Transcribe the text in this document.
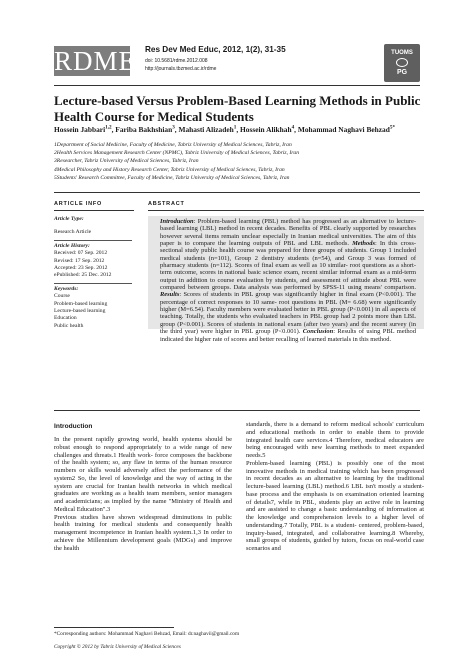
RDME Res Dev Med Educ, 2012, 1(2), 31-35
doi: 10.5681/rdme.2012.008
http://journals.tbzmed.ac.ir/rdme
TUOMS
PG
Lecture-based Versus Problem-Based Learning Methods in Public Health Course for Medical Students
Hossein Jabbari$^{1,2}$, Fariba Bakhshian$^3$, Mahasti Alizadeh$^1$, Hossein Alikhah$^4$, Mohammad Naghavi Behzad$^{5*}$
1Department of Social Medicine, Faculty of Medicine, Tabriz University of Medical Sciences, Tabriz, Iran
2Health Services Management Research Center (NPMC), Tabriz University of Medical Sciences, Tabriz, Iran
3Researcher, Tabriz University of Medical Sciences, Tabriz, Iran
4Medical Philosophy and History Research Center, Tabriz University of Medical Sciences, Tabriz, Iran
5Students' Research Committee, Faculty of Medicine, Tabriz University of Medical Sciences, Tabriz, Iran
ARTICLE INFO	ABSTRACT
Article Type:
Research Article
Article History:
Received: 07 Sep. 2012
Revised: 17 Sep. 2012
Accepted: 23 Sep. 2012
ePublished: 25 Dec. 2012
Keywords:
Course
Problem-based learning
Lecture-based learning
Education
Public health
Introduction: Problem-based learning (PBL) method has progressed as an alternative to lecture-based learning (LBL) method in recent decades. Benefits of PBL clearly supported by researches however several items remain unclear especially in Iranian medical universities. The aim of this paper is to compare the learning outputs of PBL and LBL methods. Methods: In this cross- sectional study public health course was prepared for three groups of students. Group 1 included medical students (n=101), Group 2 dentistry students (n=54), and Group 3 was formed of pharmacy students (n=112). Scores of final exam as well as 10 similar- root questions as a short-term outcome, scores in national basic science exam, recent similar informal exam as a mid-term output in addition to course evaluation by students, and assessment of attitude about PBL were compared between groups. Data analysis was performed by SPSS-11 using means' comparison. Results: Scores of students in PBL group was significantly higher in final exam (P<0.001). The percentage of correct responses to 10 same- root questions in PBL (M= 6.68) were significantly higher (M=6.54). Faculty members were evaluated better in PBL group (P<0.001) in all aspects of teaching. Totally, the students who evaluated teachers in PBL group had 2 points more than LBL group (P<0.001). Scores of students in national exam (after two years) and the recent survey (in the third year) were higher in PBL group (P<0.001). Conclusion: Results of using PBL method indicated the higher rate of scores and better recalling of learned materials in this method.
Introduction

In the present rapidly growing world, health systems should be robust enough to respond appropriately to a wide range of new challenges and threats.1 Health work- force composes the backbone of the health system; so, any flaw in terms of the human resource numbers or skills would adversely affect the performance of the system2 So, the level of knowledge and the way of acting in the system are crucial for Iranian health networks in which medical graduates are working as a health team members, senior managers and academicians; as implied by the name "Ministry of Health and Medical Education".3

Previous studies have shown widespread diminutions in public health training for medical students and consequently health management incompetence in Iranian health system.1,3 In order to achieve the Millennium development goals (MDGs) and improve the health

standards, there is a demand to reform medical schools' curriculum and educational methods in order to enable them to provide integrated health care services.4 Therefore, medical educators are being encouraged with new learning methods to meet expanded needs.5

Problem-based learning (PBL) is possibly one of the most innovative methods in medical training which has been progressed in recent decades as an alternative to learning by the traditional lecture-based learning (LBL) method.6 LBL isn't mostly a student-base process and the emphasis is on examination oriented learning of details7, while in PBL, students play an active role in learning and are assisted to change a basic understanding of information at the knowledge and comprehension levels to a higher level of understanding.7 Totally, PBL is a student- centered, problem-based, inquiry-based, integrated, and collaborative learning.8 Whereby, small groups of students, guided by tutors, focus on real-world case scenarios and

*Corresponding authors: Mohammad Naghavi Behzad, Email: dr.naghavii@gmail.com
Copyright © 2012 by Tabriz University of Medical Sciences
